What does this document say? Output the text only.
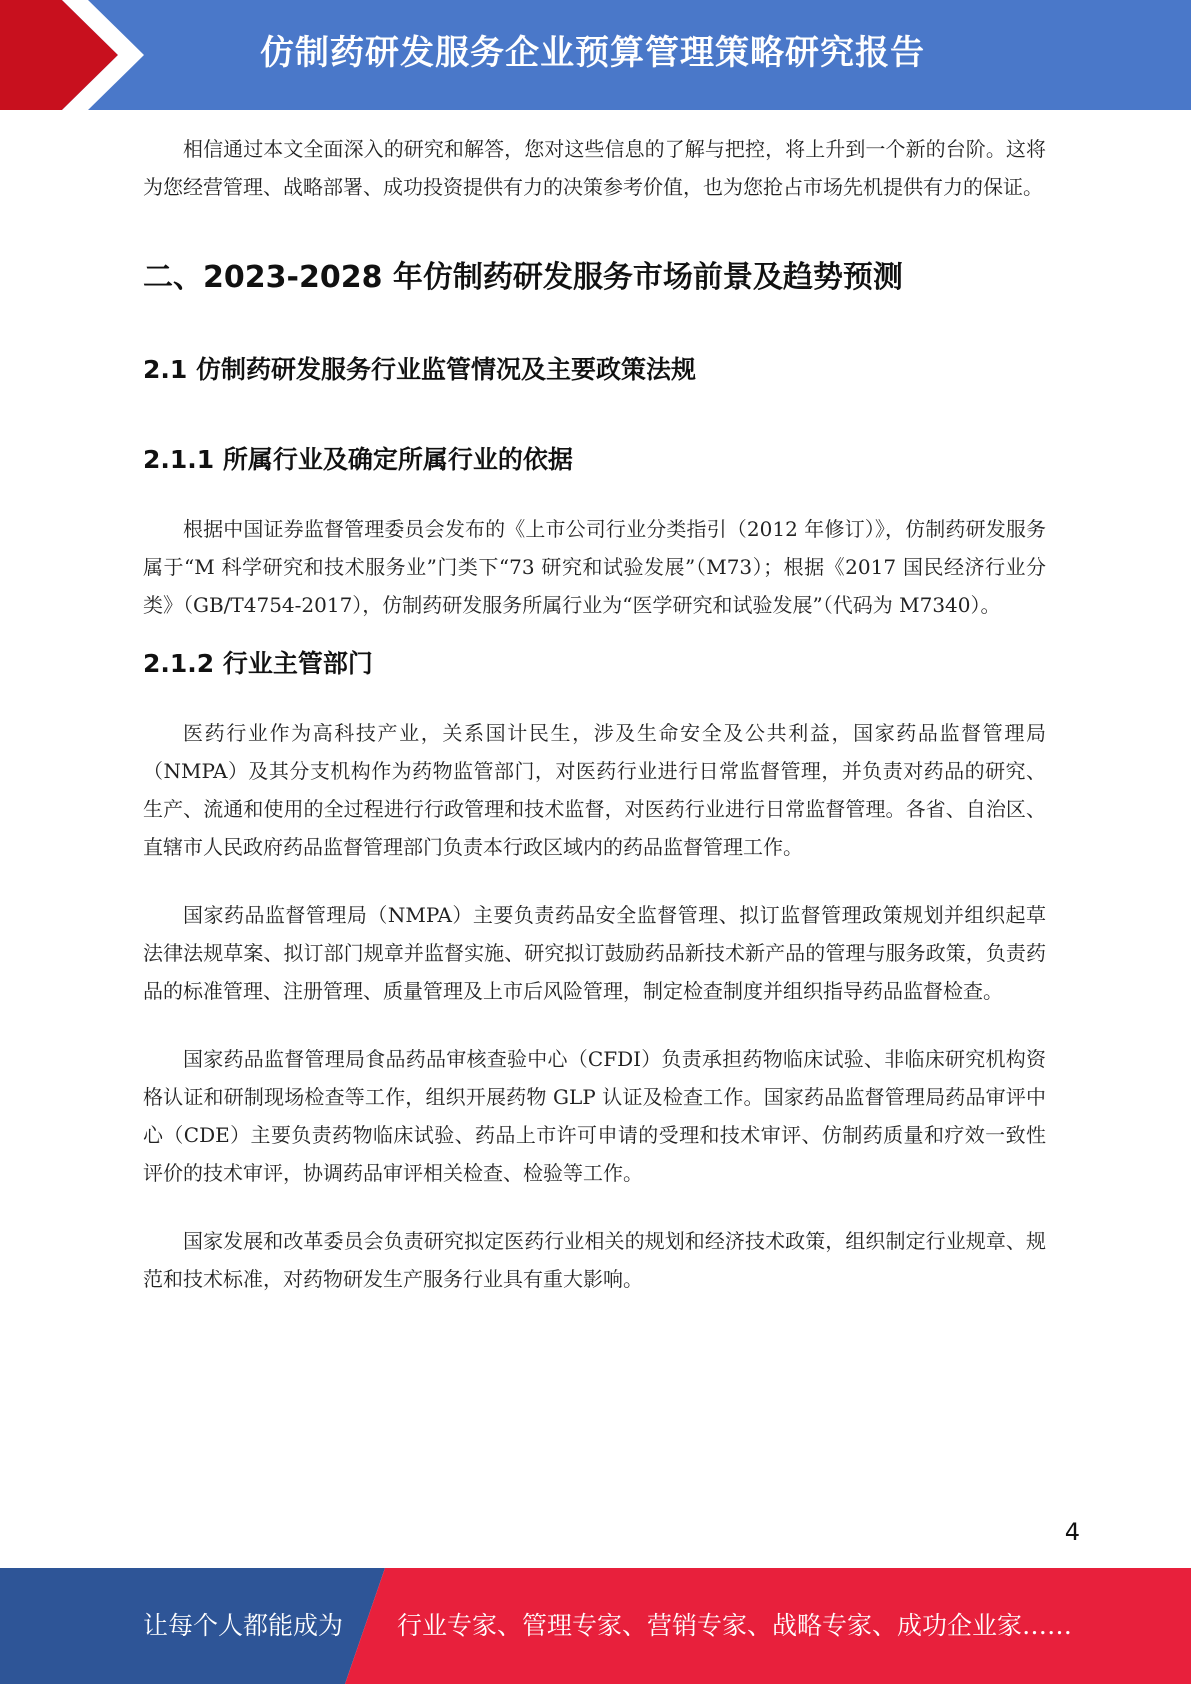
仿制药研发服务企业预算管理策略研究报告

相信通过本文全面深入的研究和解答，您对这些信息的了解与把控，将上升到一个新的台阶。这将为您经营管理、战略部署、成功投资提供有力的决策参考价值，也为您抢占市场先机提供有力的保证。

二、2023-2028 年仿制药研发服务市场前景及趋势预测
2.1 仿制药研发服务行业监管情况及主要政策法规
2.1.1 所属行业及确定所属行业的依据

根据中国证券监督管理委员会发布的《上市公司行业分类指引（2012 年修订）》，仿制药研发服务属于“M 科学研究和技术服务业”门类下“73 研究和试验发展”（M73）；根据《2017 国民经济行业分类》（GB/T4754-2017），仿制药研发服务所属行业为“医学研究和试验发展”（代码为 M7340）。

2.1.2 行业主管部门

医药行业作为高科技产业，关系国计民生，涉及生命安全及公共利益，国家药品监督管理局（NMPA）及其分支机构作为药物监管部门，对医药行业进行日常监督管理，并负责对药品的研究、生产、流通和使用的全过程进行行政管理和技术监督，对医药行业进行日常监督管理。各省、自治区、直辖市人民政府药品监督管理部门负责本行政区域内的药品监督管理工作。

国家药品监督管理局（NMPA）主要负责药品安全监督管理、拟订监督管理政策规划并组织起草法律法规草案、拟订部门规章并监督实施、研究拟订鼓励药品新技术新产品的管理与服务政策，负责药品的标准管理、注册管理、质量管理及上市后风险管理，制定检查制度并组织指导药品监督检查。

国家药品监督管理局食品药品审核查验中心（CFDI）负责承担药物临床试验、非临床研究机构资格认证和研制现场检查等工作，组织开展药物 GLP 认证及检查工作。国家药品监督管理局药品审评中心（CDE）主要负责药物临床试验、药品上市许可申请的受理和技术审评、仿制药质量和疗效一致性评价的技术审评，协调药品审评相关检查、检验等工作。

国家发展和改革委员会负责研究拟定医药行业相关的规划和经济技术政策，组织制定行业规章、规范和技术标准，对药物研发生产服务行业具有重大影响。

4
让每个人都能成为 行业专家、管理专家、营销专家、战略专家、成功企业家……
